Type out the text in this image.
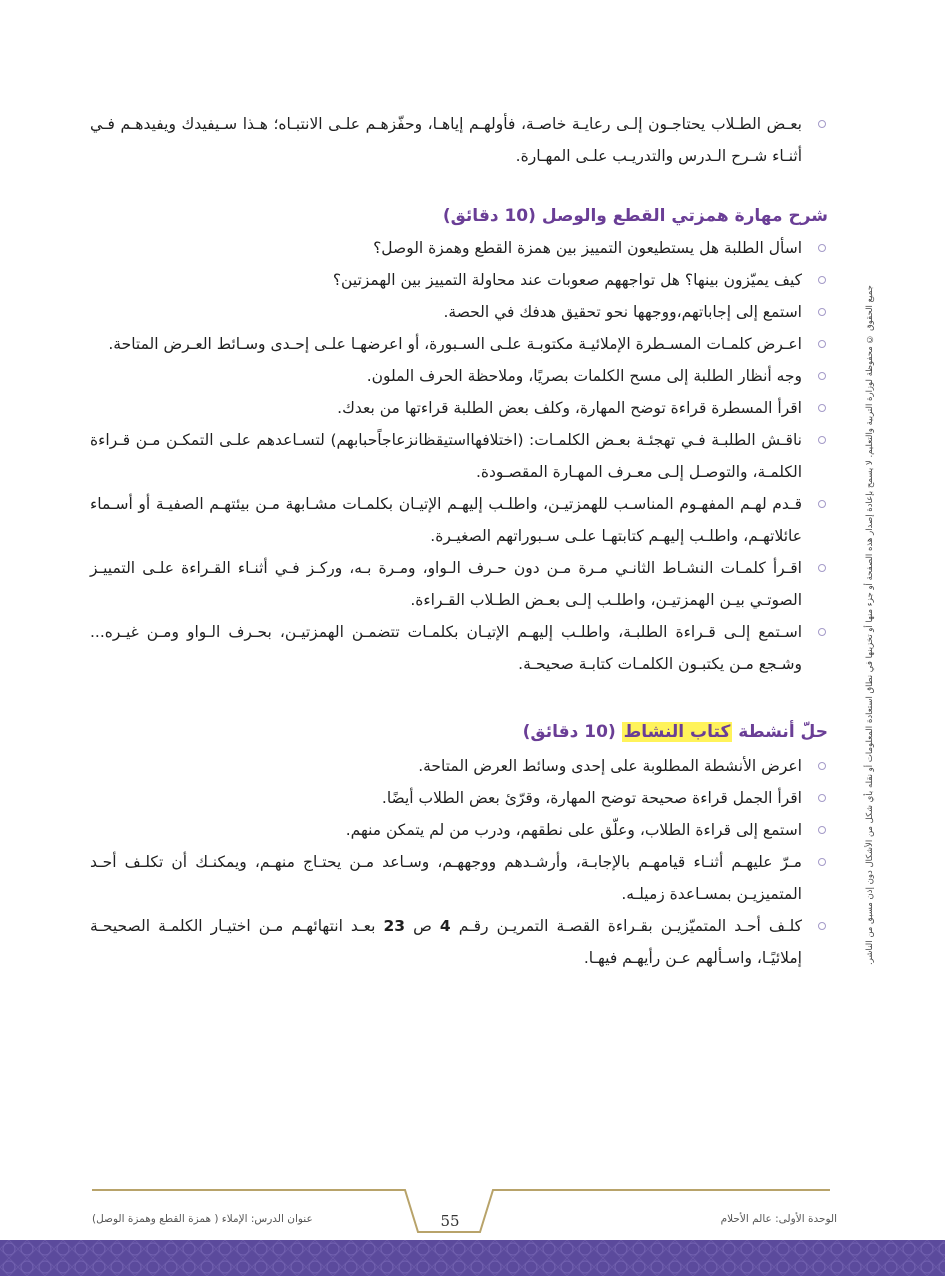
بعـض الطـلاب يحتاجـون إلـى رعايـة خاصـة، فأولهـم إياهـا، وحفّزهـم علـى الانتبـاه؛ هـذا سـيفيدك ويفيدهـم فـي أثنـاء شـرح الـدرس والتدريـب علـى المهـارة.
شرح مهارة همزتي القطع والوصل (10 دقائق)
اسأل الطلبة هل يستطيعون التمييز بين همزة القطع وهمزة الوصل؟
كيف يميّزون بينها؟ هل تواجههم صعوبات عند محاولة التمييز بين الهمزتين؟
استمع إلى إجاباتهم،ووجهها نحو تحقيق هدفك في الحصة.
اعـرض كلمـات المسـطرة الإملائيـة مكتوبـة علـى السـبورة، أو اعرضهـا علـى إحـدى وسـائط العـرض المتاحة.
وجه أنظار الطلبة إلى مسح الكلمات بصريًا، وملاحظة الحرف الملون.
اقرأ المسطرة قراءة توضح المهارة، وكلف بعض الطلبة قراءتها من بعدك.
ناقـش الطلبـة فـي تهجئـة بعـض الكلمـات: (اختلافهااستيقظانزعاجاًحبابهم) لتسـاعدهم علـى التمكـن مـن قـراءة الكلمـة، والتوصـل إلـى معـرف المهـارة المقصـودة.
قـدم لهـم المفهـوم المناسـب للهمزتيـن، واطلـب إليهـم الإتيـان بكلمـات مشـابهة مـن بيئتهـم الصفيـة أو أسـماء عائلاتهـم، واطلـب إليهـم كتابتهـا علـى سـبوراتهم الصغيـرة.
اقـرأ كلمـات النشـاط الثانـي مـرة مـن دون حـرف الـواو، ومـرة بـه، وركـز فـي أثنـاء القـراءة علـى التمييـز الصوتـي بيـن الهمزتيـن، واطلـب إلـى بعـض الطـلاب القـراءة.
اسـتمع إلـى قـراءة الطلبـة، واطلـب إليهـم الإتيـان بكلمـات تتضمـن الهمزتيـن، بحـرف الـواو ومـن غيـره... وشـجع مـن يكتبـون الكلمـات كتابـة صحيحـة.
حلّ أنشطة كتاب النشاط (10 دقائق)
اعرض الأنشطة المطلوبة على إحدى وسائط العرض المتاحة.
اقرأ الجمل قراءة صحيحة توضح المهارة، وقرّئ بعض الطلاب أيضًا.
استمع إلى قراءة الطلاب، وعلّق على نطقهم، ودرب من لم يتمكن منهم.
مـرّ عليهـم أثنـاء قيامهـم بالإجابـة، وأرشـدهم ووجههـم، وسـاعد مـن يحتـاج منهـم، ويمكنـك أن تكلـف أحـد المتميزيـن بمسـاعدة زميلـه.
كلـف أحـد المتميّزيـن بقـراءة القصـة التمريـن رقـم 4 ص 23 بعـد انتهائهـم مـن اختيـار الكلمـة الصحيحـة إملائيًـا، واسـألهم عـن رأيهـم فيهـا.	جميع الحقوق © محفوظة لوزارة التربية والتعليم. لا يسمح بإعادة إصدار هذه الصفحة أو جزء منها أو تخزينها في نطاق استعادة المعلومات أو نقله بأي شكل من الأشكال دون إذن مسبق من الناشر.
الوحدة الأولى: عالم الأحلام
55
عنوان الدرس: الإملاء ( همزة القطع وهمزة الوصل)
